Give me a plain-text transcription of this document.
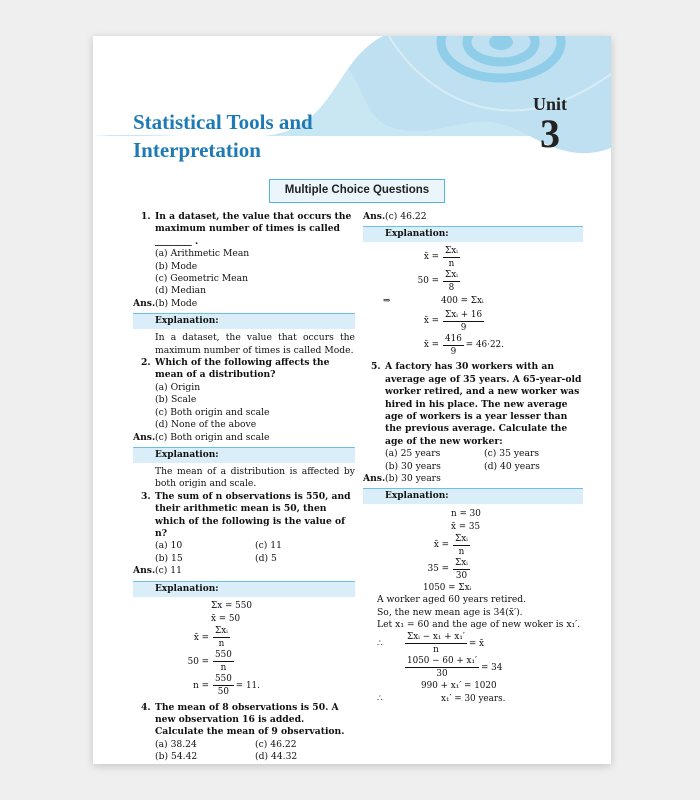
Statistical Tools and
Interpretation
Unit
3
Multiple Choice Questions
1. In a dataset, the value that occurs the maximum number of times is called ________ .
(a) Arithmetic Mean
(b) Mode
(c) Geometric Mean
(d) Median
Ans. (b) Mode
Explanation:
In a dataset, the value that occurs the maximum number of times is called Mode.
2. Which of the following affects the mean of a distribution?
(a) Origin
(b) Scale
(c) Both origin and scale
(d) None of the above
Ans. (c) Both origin and scale
Explanation:
The mean of a distribution is affected by both origin and scale.
3. The sum of n observations is 550, and their arithmetic mean is 50, then which of the following is the value of n?
(a) 10	(c) 11
(b) 15	(d) 5
Ans. (c) 11
Explanation:
Σx = 550
x̄ = 50
x̄ = $\frac{\text{Σxᵢ}}{n}$
$50 = \frac{550}{n}$
$n = \frac{550}{50} = 11$.
4. The mean of 8 observations is 50. A new observation 16 is added. Calculate the mean of 9 observation.
(a) 38.24	(c) 46.22
(b) 54.42	(d) 44.32
Ans. (c) 46.22
Explanation:
x̄ = $\frac{\text{Σxᵢ}}{n}$
$50 = \frac{\text{Σxᵢ}}{8}$
⇒	400 = Σxᵢ
x̄ = $\frac{\text{Σxᵢ + 16}}{9}$
x̄ = $\frac{416}{9} = 46\cdot 22$.
5. A factory has 30 workers with an average age of 35 years. A 65-year-old worker retired, and a new worker was hired in his place. The new average age of workers is a year lesser than the previous average. Calculate the age of the new worker:
(a) 25 years	(c) 35 years
(b) 30 years	(d) 40 years
Ans. (b) 30 years
Explanation:
n = 30
x̄ = 35
x̄ = $\frac{\text{Σxᵢ}}{n}$
$35 = \frac{\text{Σxᵢ}}{30}$
1050 = Σxᵢ
A worker aged 60 years retired.
So, the new mean age is 34(x̄′).
Let x₁ = 60 and the age of new woker is x₁′.
∴	$\frac{\text{Σxᵢ − x₁ + x₁′}}{n}$ = x̄
$\frac{\text{1050 − 60 + x₁′}}{30} = 34$
990 + x₁′ = 1020
∴	x₁′ = 30 years.
